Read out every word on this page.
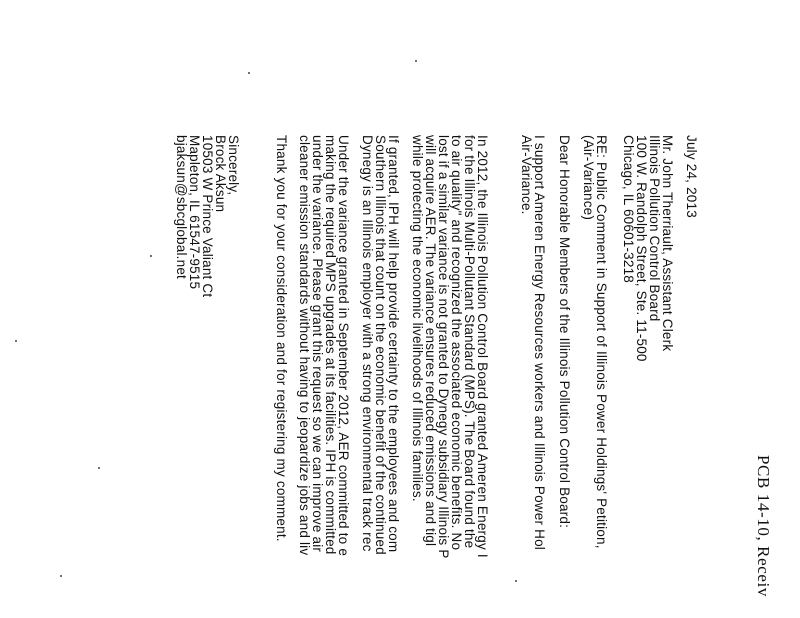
PCB 14-10, Receiv
July 24, 2013
Mr. John Therriault, Assistant Clerk
Illinois Pollution Control Board
100 W. Randolph Street, Ste. 11-500
Chicago, IL 60601-3218
RE: Public Comment in Support of Illinois Power Holdings' Petition,
(Air-Variance)
Dear Honorable Members of the Illinois Pollution Control Board:
I support Ameren Energy Resources workers and Illinois Power Hol
Air-Variance.
In 2012, the Illinois Pollution Control Board granted Ameren Energy I
for the Illinois Multi-Pollutant Standard (MPS). The Board found the
to air quality" and recognized the associated economic benefits. No
lost if a similar variance is not granted to Dynegy subsidiary Illinois P
will acquire AER. The variance ensures reduced emissions and tigl
while protecting the economic livelihoods of Illinois families.
If granted, IPH will help provide certainty to the employees and com
Southern Illinois that count on the economic benefit of the continued
Dynegy is an Illinois employer with a strong environmental track rec
Under the variance granted in September 2012, AER committed to e
making the required MPS upgrades at its facilities. IPH is committed
under the variance. Please grant this request so we can improve air
cleaner emission standards without having to jeopardize jobs and liv
Thank you for your consideration and for registering my comment.
Sincerely,
Brock Aksun
10503 W Prince Valiant Ct
Mapleton, IL 61547-9515
bjaksun@sbcglobal.net
